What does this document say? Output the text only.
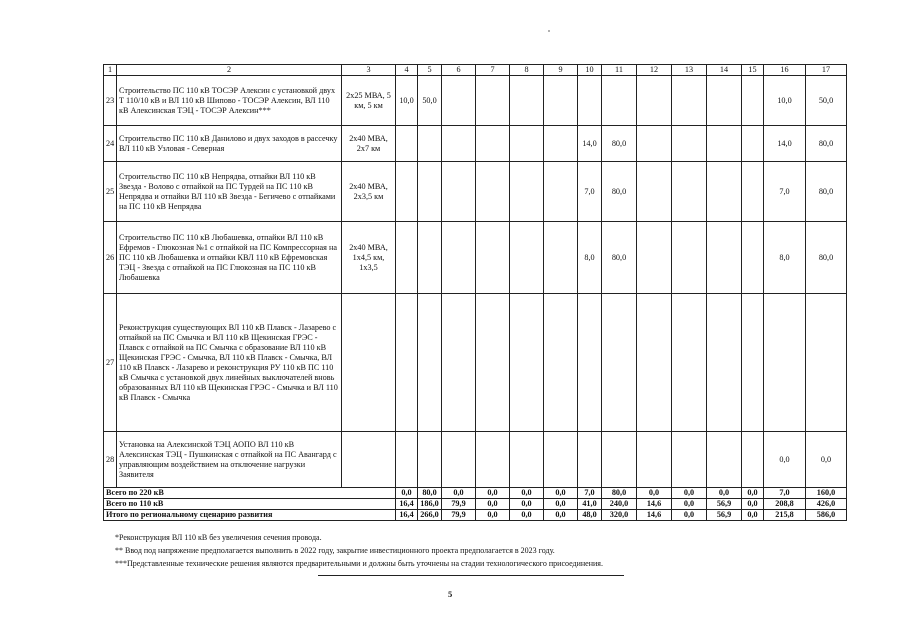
1	2	3	4	5	6	7	8	9	10	11	12	13	14	15	16	17
23	Строительство ПС 110 кВ ТОСЭР Алексин с установкой двух Т 110/10 кВ и ВЛ 110 кВ Шипово - ТОСЭР Алексин, ВЛ 110 кВ Алексинская ТЭЦ - ТОСЭР Алексин***	2х25 МВА, 5 км, 5 км	10,0	50,0											10,0	50,0
24	Строительство ПС 110 кВ Данилово и двух заходов в рассечку ВЛ 110 кВ Узловая - Северная	2х40 МВА, 2х7 км							14,0	80,0					14,0	80,0
25	Строительство ПС 110 кВ Непрядва, отпайки ВЛ 110 кВ Звезда - Волово с отпайкой на ПС Турдей на ПС 110 кВ Непрядва и отпайки ВЛ 110 кВ Звезда - Бегичево с отпайками на ПС 110 кВ Непрядва	2х40 МВА, 2х3,5 км							7,0	80,0					7,0	80,0
26	Строительство ПС 110 кВ Любашевка, отпайки ВЛ 110 кВ Ефремов - Глюкозная №1 с отпайкой на ПС Компрессорная на ПС 110 кВ Любашевка и отпайки КВЛ 110 кВ Ефремовская ТЭЦ - Звезда с отпайкой на ПС Глюкозная на ПС 110 кВ Любашевка	2х40 МВА, 1х4,5 км, 1х3,5							8,0	80,0					8,0	80,0
27	Реконструкция существующих ВЛ 110 кВ Плавск - Лазарево с отпайкой на ПС Смычка и ВЛ 110 кВ Щекинская ГРЭС - Плавск с отпайкой на ПС Смычка с образование ВЛ 110 кВ Щекинская ГРЭС - Смычка, ВЛ 110 кВ Плавск - Смычка, ВЛ 110 кВ Плавск - Лазарево и реконструкция РУ 110 кВ ПС 110 кВ Смычка с установкой двух линейных выключателей вновь образованных ВЛ 110 кВ Щекинская ГРЭС - Смычка и ВЛ 110 кВ Плавск - Смычка															
28	Установка на Алексинской ТЭЦ АОПО ВЛ 110 кВ Алексинская ТЭЦ - Пушкинская с отпайкой на ПС Авангард с управляющим воздействием на отключение нагрузки Заявителя														0,0	0,0
Всего по 220 кВ			0,0	80,0	0,0	0,0	0,0	0,0	7,0	80,0	0,0	0,0	0,0	0,0	7,0	160,0
Всего по 110 кВ			16,4	186,0	79,9	0,0	0,0	0,0	41,0	240,0	14,6	0,0	56,9	0,0	208,8	426,0
Итого по региональному сценарию развития			16,4	266,0	79,9	0,0	0,0	0,0	48,0	320,0	14,6	0,0	56,9	0,0	215,8	586,0
*Реконструкция ВЛ 110 кВ без увеличения сечения провода.
** Ввод под напряжение предполагается выполнить в 2022 году, закрытие инвестиционного проекта предполагается в 2023 году.
***Представленные технические решения являются предварительными и должны быть уточнены на стадии технологического присоединения.
5
